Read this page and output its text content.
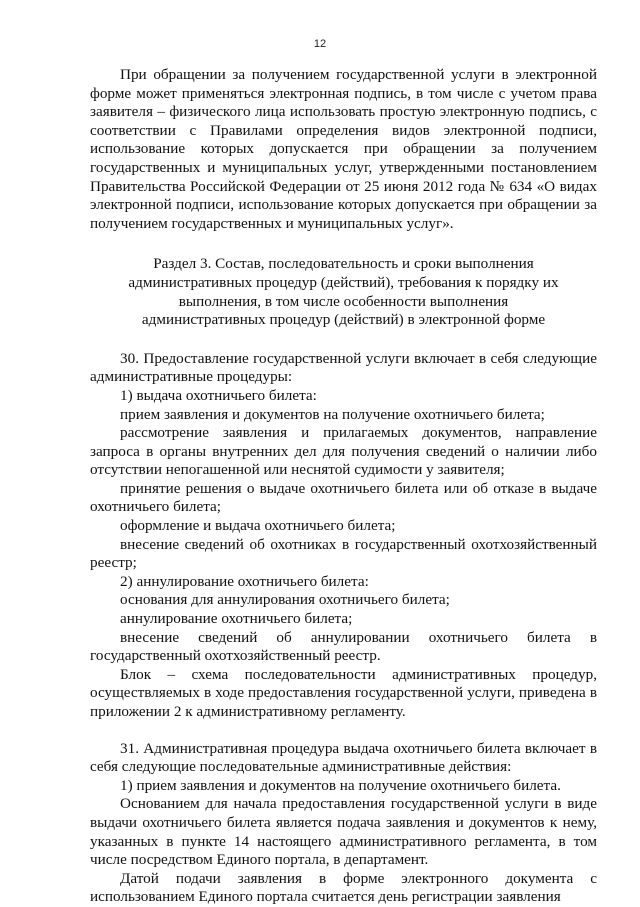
12

При обращении за получением государственной услуги в электронной форме может применяться электронная подпись, в том числе с учетом права заявителя – физического лица использовать простую электронную подпись, с соответствии с Правилами определения видов электронной подписи, использование которых допускается при обращении за получением государственных и муниципальных услуг, утвержденными постановлением Правительства Российской Федерации от 25 июня 2012 года № 634 «О видах электронной подписи, использование которых допускается при обращении за получением государственных и муниципальных услуг».

Раздел 3. Состав, последовательность и сроки выполнения

административных процедур (действий), требования к порядку их

выполнения, в том числе особенности выполнения

административных процедур (действий) в электронной форме

30. Предоставление государственной услуги включает в себя следующие административные процедуры:

1) выдача охотничьего билета:

прием заявления и документов на получение охотничьего билета;

рассмотрение заявления и прилагаемых документов, направление запроса в органы внутренних дел для получения сведений о наличии либо отсутствии непогашенной или неснятой судимости у заявителя;

принятие решения о выдаче охотничьего билета или об отказе в выдаче охотничьего билета;

оформление и выдача охотничьего билета;

внесение сведений об охотниках в государственный охотхозяйственный реестр;

2) аннулирование охотничьего билета:

основания для аннулирования охотничьего билета;

аннулирование охотничьего билета;

внесение сведений об аннулировании охотничьего билета в государственный охотхозяйственный реестр.

Блок – схема последовательности административных процедур, осуществляемых в ходе предоставления государственной услуги, приведена в приложении 2 к административному регламенту.

31. Административная процедура выдача охотничьего билета включает в себя следующие последовательные административные действия:

1) прием заявления и документов на получение охотничьего билета.

Основанием для начала предоставления государственной услуги в виде выдачи охотничьего билета является подача заявления и документов к нему, указанных в пункте 14 настоящего административного регламента, в том числе посредством Единого портала, в департамент.

Датой подачи заявления в форме электронного документа с использованием Единого портала считается день регистрации заявления
